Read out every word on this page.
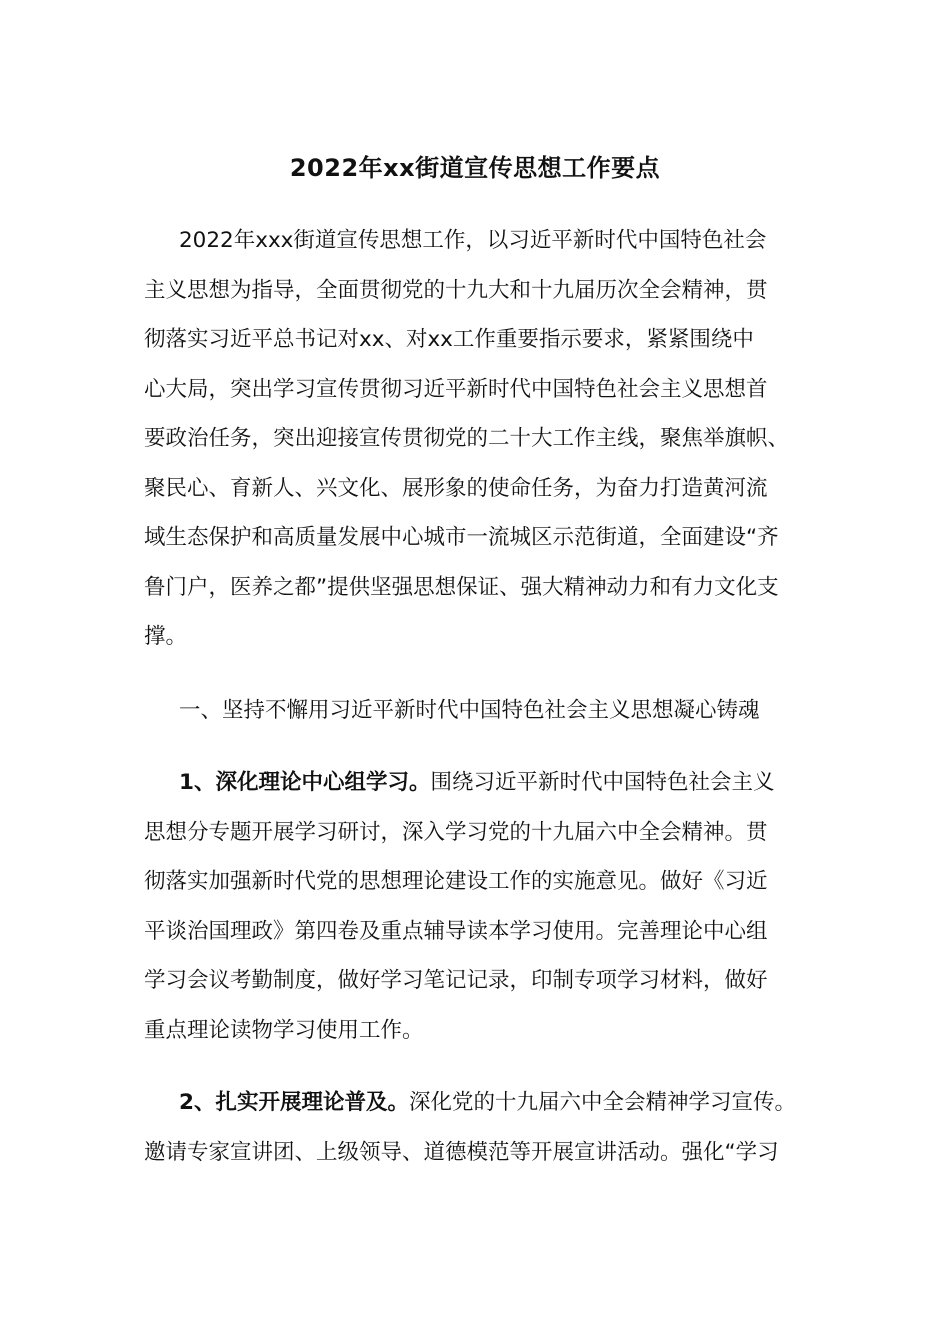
2022年xx街道宣传思想工作要点
2022年xxx街道宣传思想工作，以习近平新时代中国特色社会
主义思想为指导，全面贯彻党的十九大和十九届历次全会精神，贯
彻落实习近平总书记对xx、对xx工作重要指示要求，紧紧围绕中
心大局，突出学习宣传贯彻习近平新时代中国特色社会主义思想首
要政治任务，突出迎接宣传贯彻党的二十大工作主线，聚焦举旗帜、
聚民心、育新人、兴文化、展形象的使命任务，为奋力打造黄河流
域生态保护和高质量发展中心城市一流城区示范街道，全面建设“齐
鲁门户，医养之都”提供坚强思想保证、强大精神动力和有力文化支
撑。
一、坚持不懈用习近平新时代中国特色社会主义思想凝心铸魂
1、深化理论中心组学习。围绕习近平新时代中国特色社会主义
思想分专题开展学习研讨，深入学习党的十九届六中全会精神。贯
彻落实加强新时代党的思想理论建设工作的实施意见。做好《习近
平谈治国理政》第四卷及重点辅导读本学习使用。完善理论中心组
学习会议考勤制度，做好学习笔记记录，印制专项学习材料，做好
重点理论读物学习使用工作。
2、扎实开展理论普及。深化党的十九届六中全会精神学习宣传。
邀请专家宣讲团、上级领导、道德模范等开展宣讲活动。强化“学习
